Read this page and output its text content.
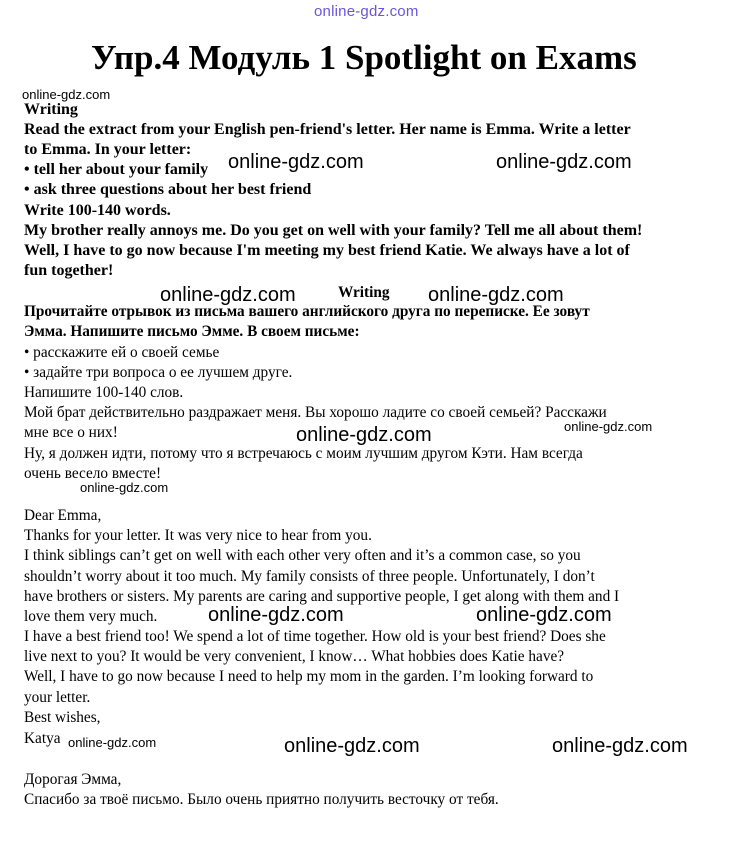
online-gdz.com
Упр.4 Модуль 1 Spotlight on Exams
Writing
Read the extract from your English pen-friend's letter. Her name is Emma. Write a letter
to Emma. In your letter:
• tell her about your family
• ask three questions about her best friend
Write 100-140 words.
My brother really annoys me. Do you get on well with your family? Tell me all about them!
Well, I have to go now because I'm meeting my best friend Katie. We always have a lot of
fun together!
Writing
Прочитайте отрывок из письма вашего английского друга по переписке. Ее зовут
Эмма. Напишите письмо Эмме. В своем письме:
• расскажите ей о своей семье
• задайте три вопроса о ее лучшем друге.
Напишите 100-140 слов.
Мой брат действительно раздражает меня. Вы хорошо ладите со своей семьей? Расскажи
мне все о них!
Ну, я должен идти, потому что я встречаюсь с моим лучшим другом Кэти. Нам всегда
очень весело вместе!
Dear Emma,
Thanks for your letter. It was very nice to hear from you.
I think siblings can’t get on well with each other very often and it’s a common case, so you
shouldn’t worry about it too much. My family consists of three people. Unfortunately, I don’t
have brothers or sisters. My parents are caring and supportive people, I get along with them and I
love them very much.
I have a best friend too! We spend a lot of time together. How old is your best friend? Does she
live next to you? It would be very convenient, I know… What hobbies does Katie have?
Well, I have to go now because I need to help my mom in the garden. I’m looking forward to
your letter.
Best wishes,
Katya
Дорогая Эмма,
Спасибо за твоё письмо. Было очень приятно получить весточку от тебя.
online-gdz.com
online-gdz.com	online-gdz.com
online-gdz.com	online-gdz.com
online-gdz.com	online-gdz.com
online-gdz.com
online-gdz.com	online-gdz.com
online-gdz.com	online-gdz.com	online-gdz.com
